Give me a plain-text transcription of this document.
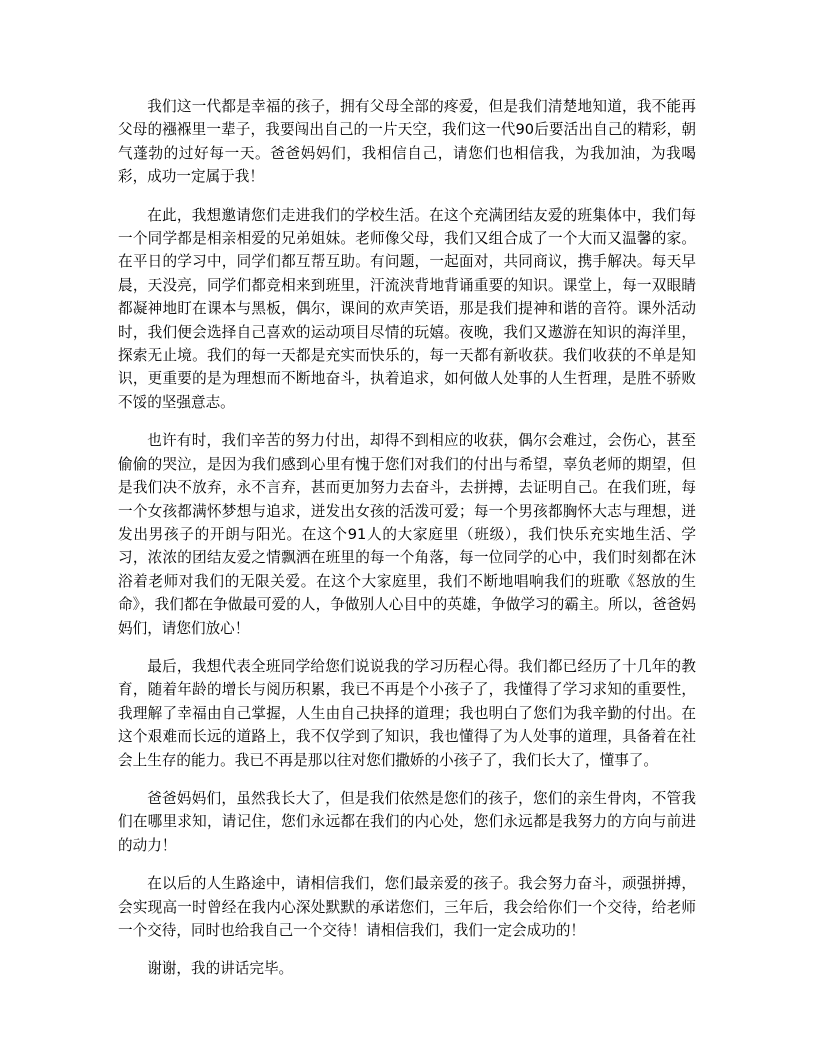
我们这一代都是幸福的孩子，拥有父母全部的疼爱，但是我们清楚地知道，我不能再父母的襁褓里一辈子，我要闯出自己的一片天空，我们这一代90后要活出自己的精彩，朝气蓬勃的过好每一天。爸爸妈妈们，我相信自己，请您们也相信我，为我加油，为我喝彩，成功一定属于我！

在此，我想邀请您们走进我们的学校生活。在这个充满团结友爱的班集体中，我们每一个同学都是相亲相爱的兄弟姐妹。老师像父母，我们又组合成了一个大而又温馨的家。在平日的学习中，同学们都互帮互助。有问题，一起面对，共同商议，携手解决。每天早晨，天没亮，同学们都竞相来到班里，汗流浃背地背诵重要的知识。课堂上，每一双眼睛都凝神地盯在课本与黑板，偶尔，课间的欢声笑语，那是我们提神和谐的音符。课外活动时，我们便会选择自己喜欢的运动项目尽情的玩嬉。夜晚，我们又遨游在知识的海洋里，探索无止境。我们的每一天都是充实而快乐的，每一天都有新收获。我们收获的不单是知识，更重要的是为理想而不断地奋斗，执着追求，如何做人处事的人生哲理，是胜不骄败不馁的坚强意志。

也许有时，我们辛苦的努力付出，却得不到相应的收获，偶尔会难过，会伤心，甚至偷偷的哭泣，是因为我们感到心里有愧于您们对我们的付出与希望，辜负老师的期望，但是我们决不放弃，永不言弃，甚而更加努力去奋斗，去拼搏，去证明自己。在我们班，每一个女孩都满怀梦想与追求，迸发出女孩的活泼可爱；每一个男孩都胸怀大志与理想，迸发出男孩子的开朗与阳光。在这个91人的大家庭里（班级），我们快乐充实地生活、学习，浓浓的团结友爱之情飘洒在班里的每一个角落，每一位同学的心中，我们时刻都在沐浴着老师对我们的无限关爱。在这个大家庭里，我们不断地唱响我们的班歌《怒放的生命》，我们都在争做最可爱的人，争做别人心目中的英雄，争做学习的霸主。所以，爸爸妈妈们，请您们放心！

最后，我想代表全班同学给您们说说我的学习历程心得。我们都已经历了十几年的教育，随着年龄的增长与阅历积累，我已不再是个小孩子了，我懂得了学习求知的重要性，我理解了幸福由自己掌握，人生由自己抉择的道理；我也明白了您们为我辛勤的付出。在这个艰难而长远的道路上，我不仅学到了知识，我也懂得了为人处事的道理，具备着在社会上生存的能力。我已不再是那以往对您们撒娇的小孩子了，我们长大了，懂事了。

爸爸妈妈们，虽然我长大了，但是我们依然是您们的孩子，您们的亲生骨肉，不管我们在哪里求知，请记住，您们永远都在我们的内心处，您们永远都是我努力的方向与前进的动力！

在以后的人生路途中，请相信我们，您们最亲爱的孩子。我会努力奋斗，顽强拼搏，会实现高一时曾经在我内心深处默默的承诺您们，三年后，我会给你们一个交待，给老师一个交待，同时也给我自己一个交待！请相信我们，我们一定会成功的！

谢谢，我的讲话完毕。
